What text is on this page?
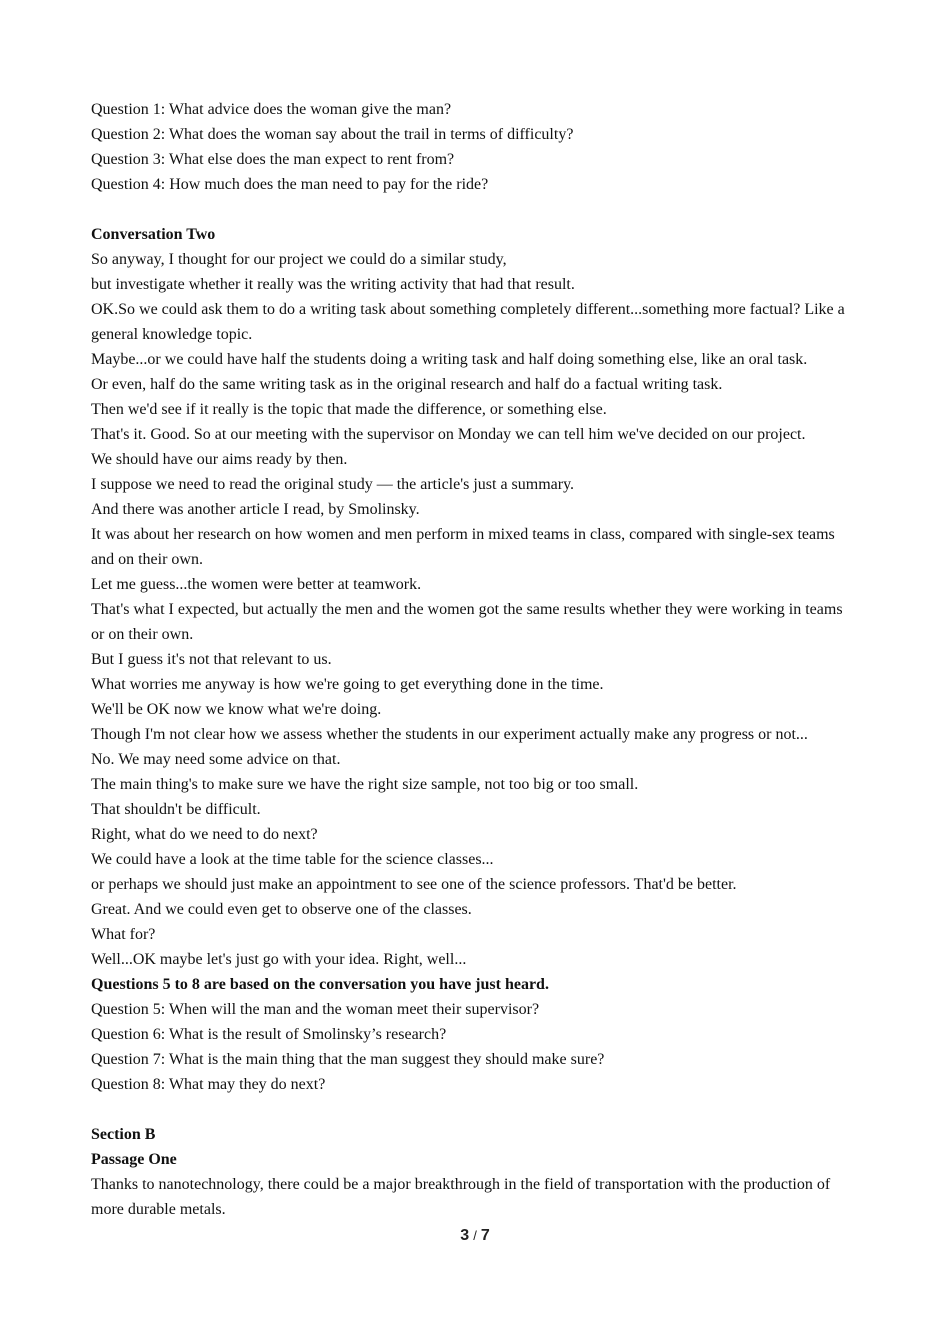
Question 1: What advice does the woman give the man?
Question 2: What does the woman say about the trail in terms of difficulty?
Question 3: What else does the man expect to rent from?
Question 4: How much does the man need to pay for the ride?
Conversation Two
So anyway, I thought for our project we could do a similar study,
but investigate whether it really was the writing activity that had that result.
OK.So we could ask them to do a writing task about something completely different...something more factual? Like a general knowledge topic.
Maybe...or we could have half the students doing a writing task and half doing something else, like an oral task.
Or even, half do the same writing task as in the original research and half do a factual writing task.
Then we'd see if it really is the topic that made the difference, or something else.
That's it. Good. So at our meeting with the supervisor on Monday we can tell him we've decided on our project.
We should have our aims ready by then.
I suppose we need to read the original study — the article's just a summary.
And there was another article I read, by Smolinsky.
It was about her research on how women and men perform in mixed teams in class, compared with single-sex teams and on their own.
Let me guess...the women were better at teamwork.
That's what I expected, but actually the men and the women got the same results whether they were working in teams or on their own.
But I guess it's not that relevant to us.
What worries me anyway is how we're going to get everything done in the time.
We'll be OK now we know what we're doing.
Though I'm not clear how we assess whether the students in our experiment actually make any progress or not...
No. We may need some advice on that.
The main thing's to make sure we have the right size sample, not too big or too small.
That shouldn't be difficult.
Right, what do we need to do next?
We could have a look at the time table for the science classes...
or perhaps we should just make an appointment to see one of the science professors. That'd be better.
Great. And we could even get to observe one of the classes.
What for?
Well...OK maybe let's just go with your idea. Right, well...
Questions 5 to 8 are based on the conversation you have just heard.
Question 5: When will the man and the woman meet their supervisor?
Question 6: What is the result of Smolinsky’s research?
Question 7: What is the main thing that the man suggest they should make sure?
Question 8: What may they do next?
Section B
Passage One
Thanks to nanotechnology, there could be a major breakthrough in the field of transportation with the production of more durable metals.
3 / 7
